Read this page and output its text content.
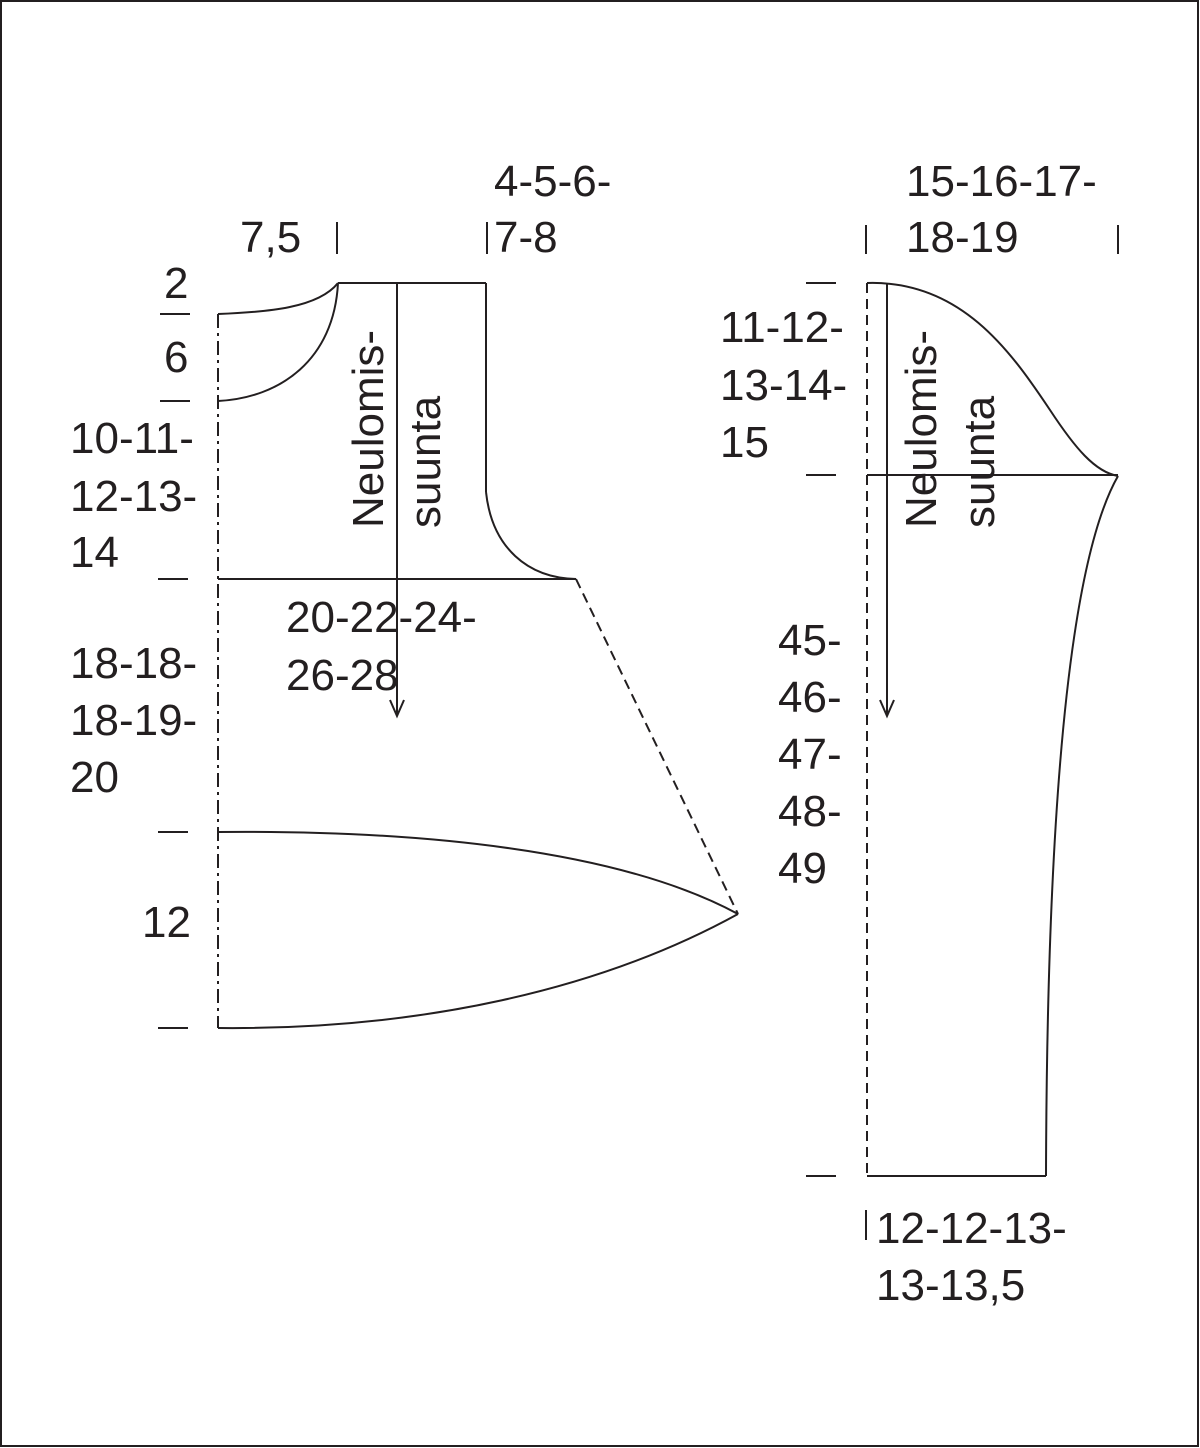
7,5
4-5-6-
7-8
2
6
10-11-
12-13-
14
18-18-
18-19-
20
12
20-22-24-
26-28
Neulomis- suunta
15-16-17-
18-19
11-12-
13-14-
15
45-
46-
47-
48-
49
12-12-13-
13-13,5
Neulomis- suunta
